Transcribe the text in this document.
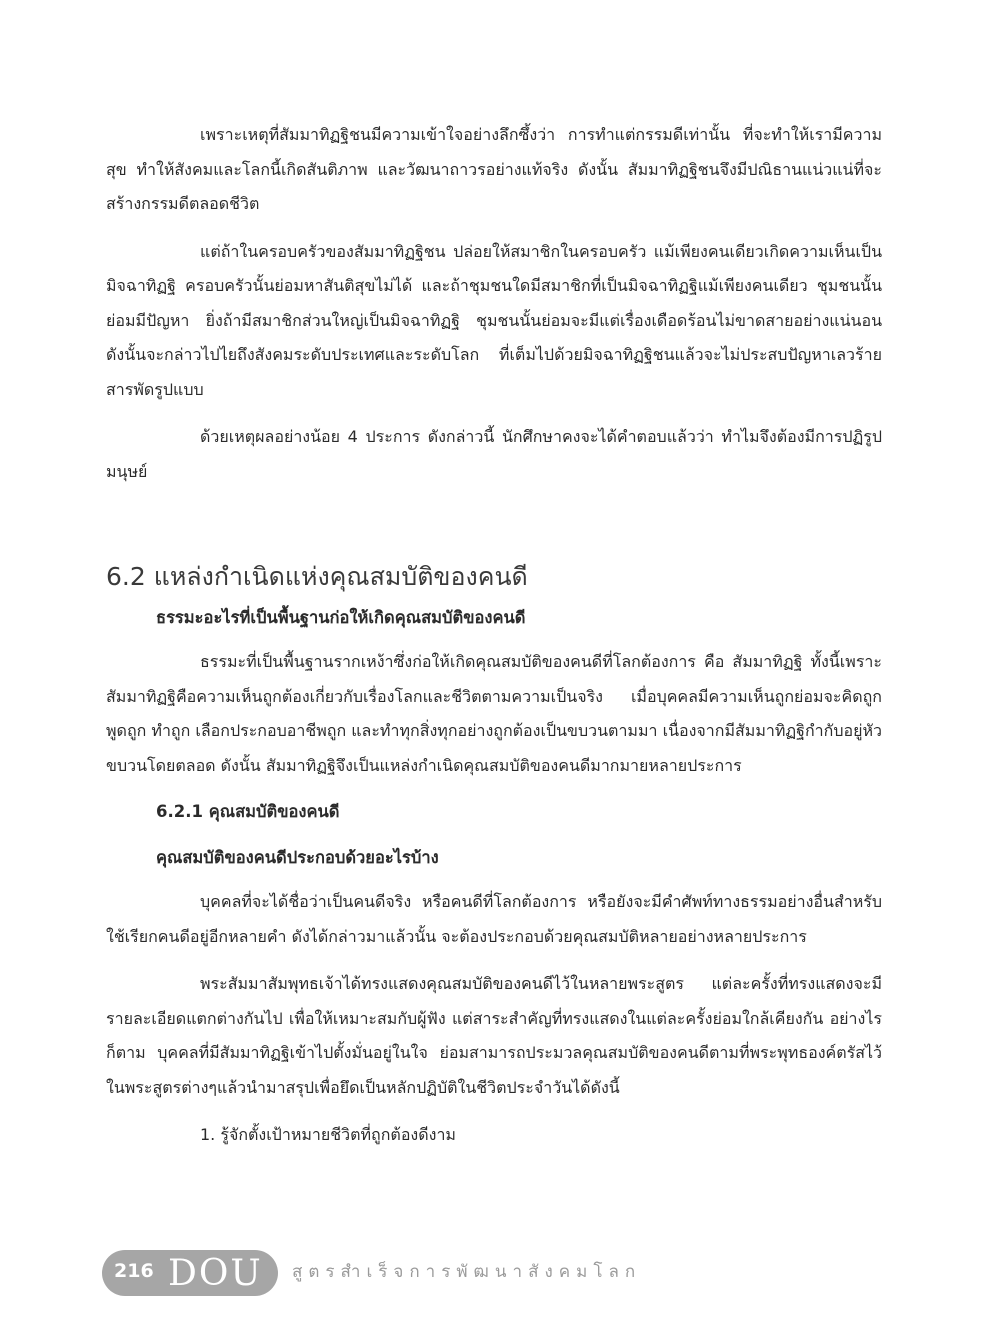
เพราะเหตุที่สัมมาทิฏฐิชนมีความเข้าใจอย่างลึกซึ้งว่า การทำแต่กรรมดีเท่านั้น ที่จะทำให้เรามีความสุข ทำให้สังคมและโลกนี้เกิดสันติภาพ และวัฒนาถาวรอย่างแท้จริง ดังนั้น สัมมาทิฏฐิชนจึงมีปณิธานแน่วแน่ที่จะสร้างกรรมดีตลอดชีวิต

แต่ถ้าในครอบครัวของสัมมาทิฏฐิชน ปล่อยให้สมาชิกในครอบครัว แม้เพียงคนเดียวเกิดความเห็นเป็นมิจฉาทิฏฐิ ครอบครัวนั้นย่อมหาสันติสุขไม่ได้ และถ้าชุมชนใดมีสมาชิกที่เป็นมิจฉาทิฏฐิแม้เพียงคนเดียว ชุมชนนั้นย่อมมีปัญหา ยิ่งถ้ามีสมาชิกส่วนใหญ่เป็นมิจฉาทิฏฐิ ชุมชนนั้นย่อมจะมีแต่เรื่องเดือดร้อนไม่ขาดสายอย่างแน่นอน ดังนั้นจะกล่าวไปไยถึงสังคมระดับประเทศและระดับโลก ที่เต็มไปด้วยมิจฉาทิฏฐิชนแล้วจะไม่ประสบปัญหาเลวร้ายสารพัดรูปแบบ

ด้วยเหตุผลอย่างน้อย 4 ประการ ดังกล่าวนี้ นักศึกษาคงจะได้คำตอบแล้วว่า ทำไมจึงต้องมีการปฏิรูปมนุษย์

6.2 แหล่งกำเนิดแห่งคุณสมบัติของคนดี

ธรรมะอะไรที่เป็นพื้นฐานก่อให้เกิดคุณสมบัติของคนดี

ธรรมะที่เป็นพื้นฐานรากเหง้าซึ่งก่อให้เกิดคุณสมบัติของคนดีที่โลกต้องการ คือ สัมมาทิฏฐิ ทั้งนี้เพราะสัมมาทิฏฐิคือความเห็นถูกต้องเกี่ยวกับเรื่องโลกและชีวิตตามความเป็นจริง เมื่อบุคคลมีความเห็นถูกย่อมจะคิดถูก พูดถูก ทำถูก เลือกประกอบอาชีพถูก และทำทุกสิ่งทุกอย่างถูกต้องเป็นขบวนตามมา เนื่องจากมีสัมมาทิฏฐิกำกับอยู่หัวขบวนโดยตลอด ดังนั้น สัมมาทิฏฐิจึงเป็นแหล่งกำเนิดคุณสมบัติของคนดีมากมายหลายประการ

6.2.1 คุณสมบัติของคนดี

คุณสมบัติของคนดีประกอบด้วยอะไรบ้าง

บุคคลที่จะได้ชื่อว่าเป็นคนดีจริง หรือคนดีที่โลกต้องการ หรือยังจะมีคำศัพท์ทางธรรมอย่างอื่นสำหรับใช้เรียกคนดีอยู่อีกหลายคำ ดังได้กล่าวมาแล้วนั้น จะต้องประกอบด้วยคุณสมบัติหลายอย่างหลายประการ

พระสัมมาสัมพุทธเจ้าได้ทรงแสดงคุณสมบัติของคนดีไว้ในหลายพระสูตร แต่ละครั้งที่ทรงแสดงจะมีรายละเอียดแตกต่างกันไป เพื่อให้เหมาะสมกับผู้ฟัง แต่สาระสำคัญที่ทรงแสดงในแต่ละครั้งย่อมใกล้เคียงกัน อย่างไรก็ตาม บุคคลที่มีสัมมาทิฏฐิเข้าไปตั้งมั่นอยู่ในใจ ย่อมสามารถประมวลคุณสมบัติของคนดีตามที่พระพุทธองค์ตรัสไว้ในพระสูตรต่างๆแล้วนำมาสรุปเพื่อยึดเป็นหลักปฏิบัติในชีวิตประจำวันได้ดังนี้

1. รู้จักตั้งเป้าหมายชีวิตที่ถูกต้องดีงาม

216 DOU สูตรสำเร็จการพัฒนาสังคมโลก
